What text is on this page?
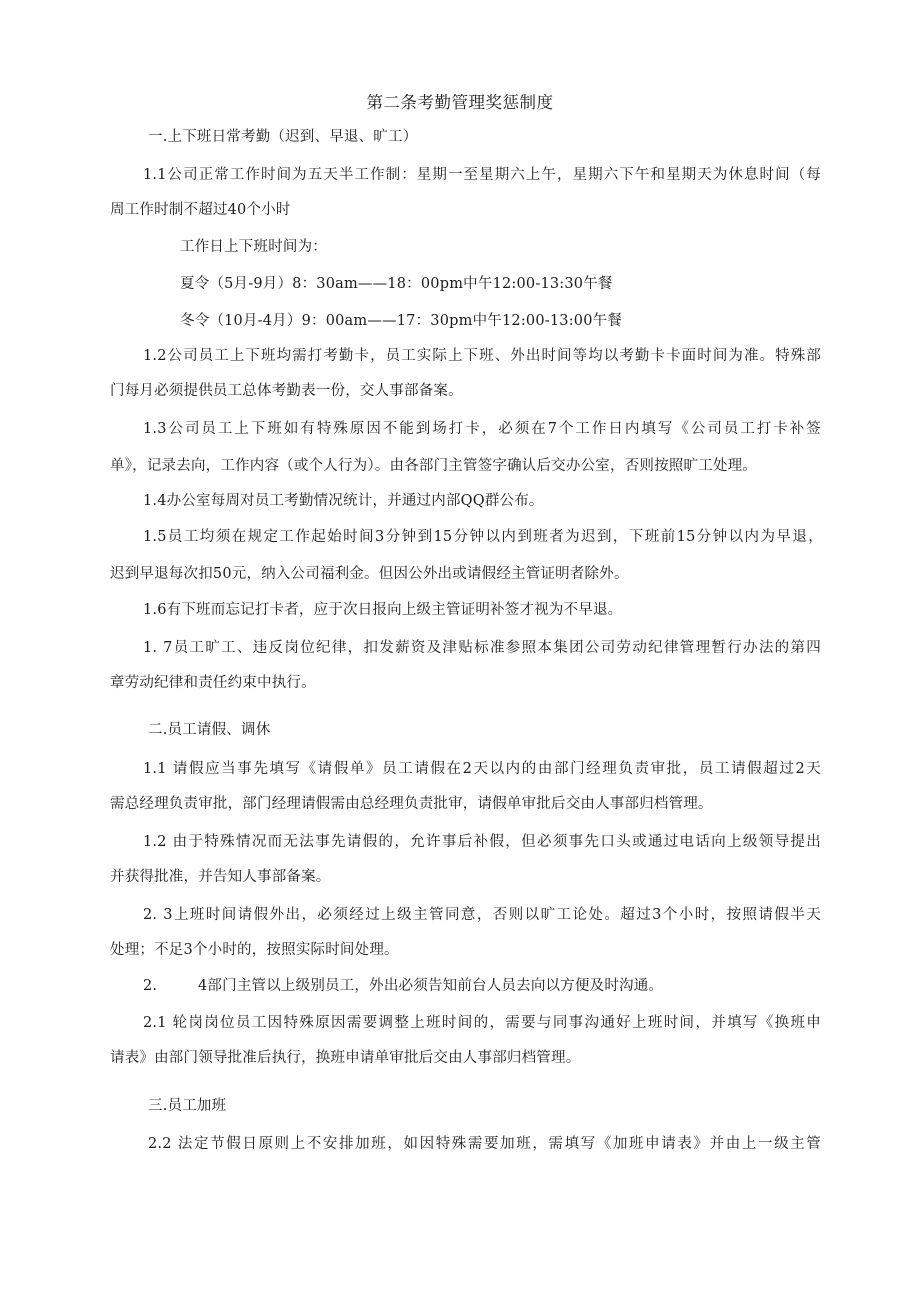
第二条考勤管理奖惩制度
一.上下班日常考勤（迟到、早退、旷工）
1.1公司正常工作时间为五天半工作制：星期一至星期六上午，星期六下午和星期天为休息时间（每
周工作时制不超过40个小时
工作日上下班时间为：
夏令（5月-9月）8：30am——18：00pm中午12:00-13:30午餐
冬令（10月-4月）9：00am——17：30pm中午12:00-13:00午餐
1.2公司员工上下班均需打考勤卡，员工实际上下班、外出时间等均以考勤卡卡面时间为准。特殊部
门每月必须提供员工总体考勤表一份，交人事部备案。
1.3公司员工上下班如有特殊原因不能到场打卡，必须在7个工作日内填写《公司员工打卡补签
单》，记录去向，工作内容（或个人行为）。由各部门主管签字确认后交办公室，否则按照旷工处理。
1.4办公室每周对员工考勤情况统计，并通过内部QQ群公布。
1.5员工均须在规定工作起始时间3分钟到15分钟以内到班者为迟到，下班前15分钟以内为早退，
迟到早退每次扣50元，纳入公司福利金。但因公外出或请假经主管证明者除外。
1.6有下班而忘记打卡者，应于次日报向上级主管证明补签才视为不早退。
1. 7员工旷工、违反岗位纪律，扣发薪资及津贴标准参照本集团公司劳动纪律管理暂行办法的第四
章劳动纪律和责任约束中执行。
二.员工请假、调休
1.1 请假应当事先填写《请假单》员工请假在2天以内的由部门经理负责审批，员工请假超过2天
需总经理负责审批，部门经理请假需由总经理负责批审，请假单审批后交由人事部归档管理。
1.2 由于特殊情况而无法事先请假的，允许事后补假，但必须事先口头或通过电话向上级领导提出
并获得批准，并告知人事部备案。
2. 3上班时间请假外出，必须经过上级主管同意，否则以旷工论处。超过3个小时，按照请假半天
处理；不足3个小时的，按照实际时间处理。
2.	4部门主管以上级别员工，外出必须告知前台人员去向以方便及时沟通。
2.1 轮岗岗位员工因特殊原因需要调整上班时间的，需要与同事沟通好上班时间，并填写《换班申
请表》由部门领导批准后执行，换班申请单审批后交由人事部归档管理。
三.员工加班
2.2 法定节假日原则上不安排加班，如因特殊需要加班，需填写《加班申请表》并由上一级主管
